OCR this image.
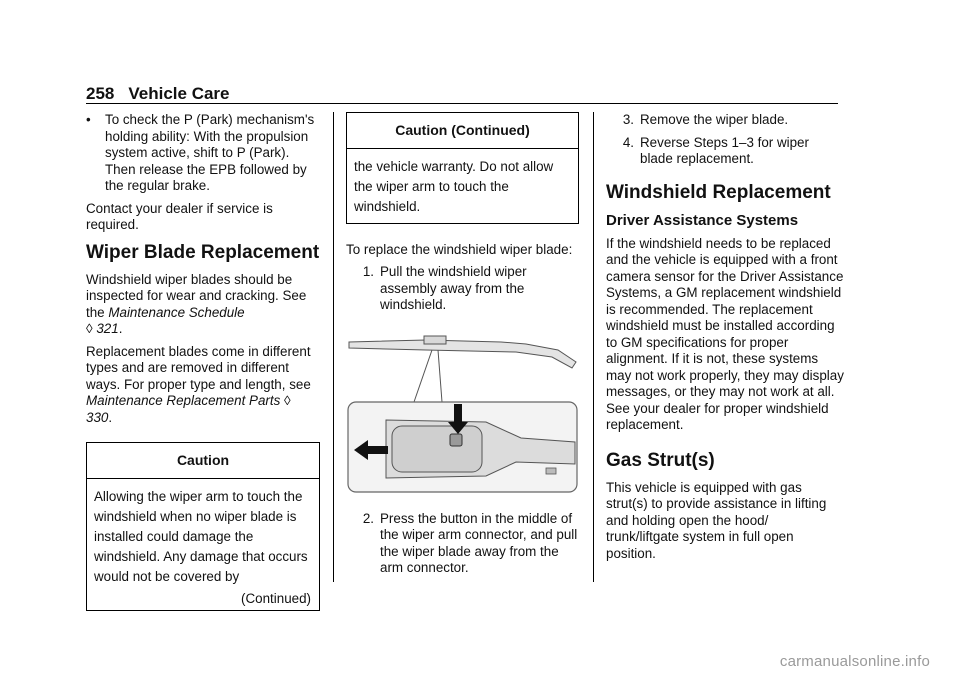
258 Vehicle Care
•	To check the P (Park) mechanism's holding ability: With the propulsion system active, shift to P (Park). Then release the EPB followed by the regular brake.

Contact your dealer if service is required.

Wiper Blade Replacement

Windshield wiper blades should be inspected for wear and cracking. See the Maintenance Schedule
◊ 321.

Replacement blades come in different types and are removed in different ways. For proper type and length, see Maintenance Replacement Parts ◊ 330.

Caution
Allowing the wiper arm to touch the windshield when no wiper blade is installed could damage the windshield. Any damage that occurs would not be covered by
(Continued)
Caution (Continued)
the vehicle warranty. Do not allow the wiper arm to touch the windshield.

To replace the windshield wiper blade:

1. Pull the windshield wiper assembly away from the windshield.
2. Press the button in the middle of the wiper arm connector, and pull the wiper blade away from the arm connector.
3. Remove the wiper blade.
4. Reverse Steps 1–3 for wiper blade replacement.
Windshield Replacement
Driver Assistance Systems

If the windshield needs to be replaced and the vehicle is equipped with a front camera sensor for the Driver Assistance Systems, a GM replacement windshield is recommended. The replacement windshield must be installed according to GM specifications for proper alignment. If it is not, these systems may not work properly, they may display messages, or they may not work at all. See your dealer for proper windshield replacement.

Gas Strut(s)

This vehicle is equipped with gas strut(s) to provide assistance in lifting and holding open the hood/ trunk/liftgate system in full open position.

carmanualsonline.info
